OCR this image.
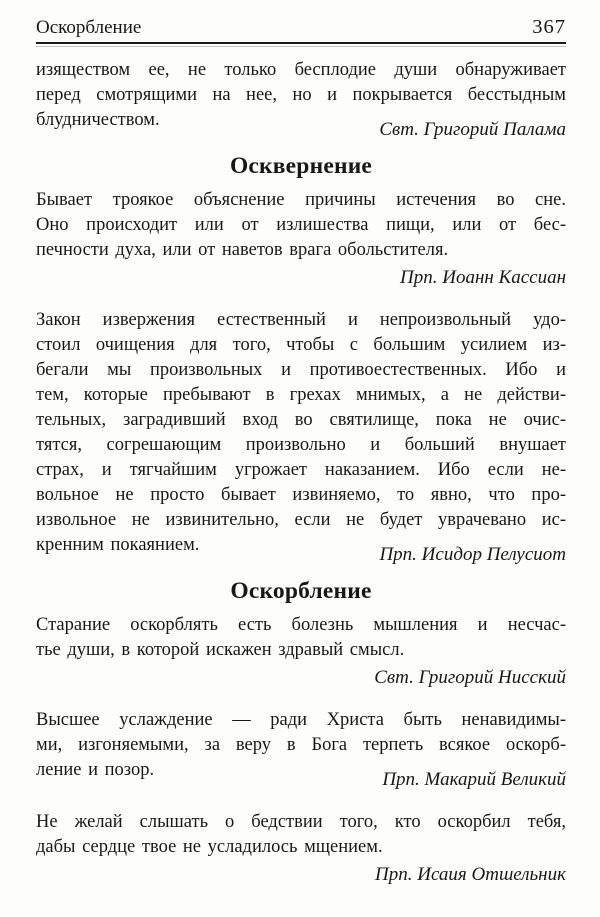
Оскорбление	367
изяществом ее, не только бесплодие души обнаруживает
перед смотрящими на нее, но и покрывается бесстыдным
блудничеством.	Свт. Григорий Палама
Осквернение
Бывает троякое объяснение причины истечения во сне.
Оно происходит или от излишества пищи, или от бес-
печности духа, или от наветов врага обольстителя.
Прп. Иоанн Кассиан
Закон извержения естественный и непроизвольный удо-
стоил очищения для того, чтобы с большим усилием из-
бегали мы произвольных и противоестественных. Ибо и
тем, которые пребывают в грехах мнимых, а не действи-
тельных, заградивший вход во святилище, пока не очис-
тятся, согрешающим произвольно и больший внушает
страх, и тягчайшим угрожает наказанием. Ибо если не-
вольное не просто бывает извиняемо, то явно, что про-
извольное не извинительно, если не будет уврачевано ис-
кренним покаянием.	Прп. Исидор Пелусиот
Оскорбление
Старание оскорблять есть болезнь мышления и несчас-
тье души, в которой искажен здравый смысл.
Свт. Григорий Нисский
Высшее услаждение — ради Христа быть ненавидимы-
ми, изгоняемыми, за веру в Бога терпеть всякое оскорб-
ление и позор.	Прп. Макарий Великий
Не желай слышать о бедствии того, кто оскорбил тебя,
дабы сердце твое не усладилось мщением.
Прп. Исаия Отшельник
